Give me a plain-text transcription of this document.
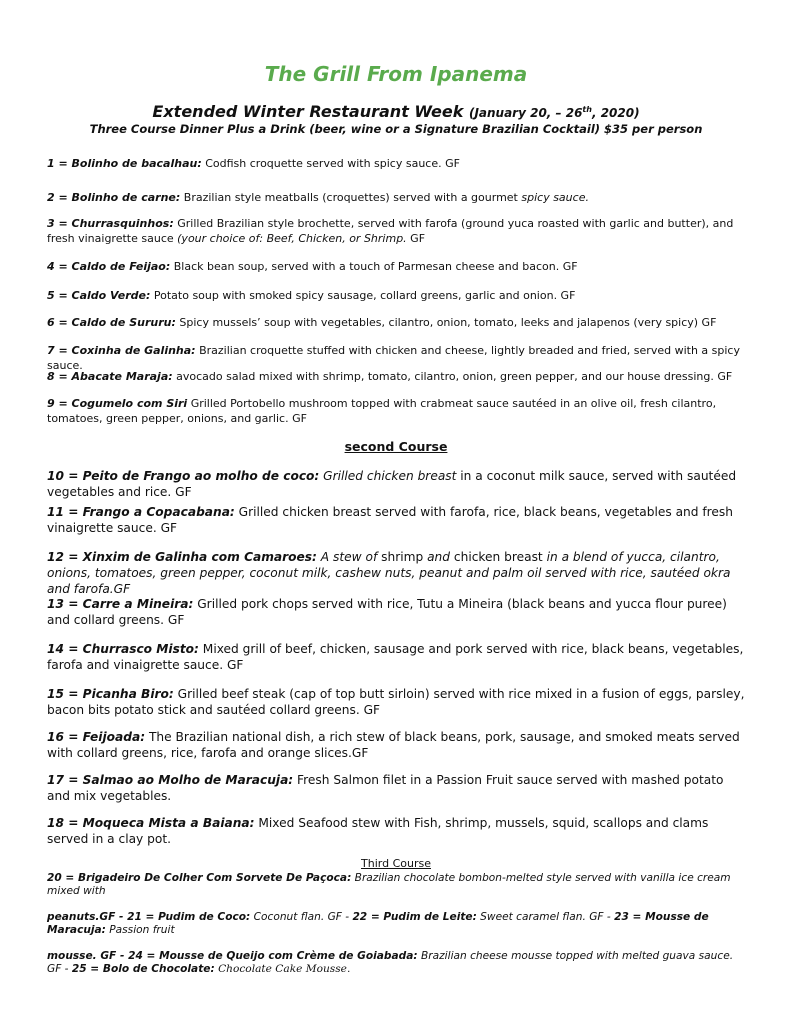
The Grill From Ipanema
Extended Winter Restaurant Week (January 20, – 26th, 2020)
Three Course Dinner Plus a Drink (beer, wine or a Signature Brazilian Cocktail) $35 per person
1 = Bolinho de bacalhau: Codfish croquette served with spicy sauce. GF
2 = Bolinho de carne: Brazilian style meatballs (croquettes) served with a gourmet spicy sauce.
3 = Churrasquinhos: Grilled Brazilian style brochette, served with farofa (ground yuca roasted with garlic and butter), and fresh vinaigrette sauce (your choice of: Beef, Chicken, or Shrimp. GF
4 = Caldo de Feijao: Black bean soup, served with a touch of Parmesan cheese and bacon. GF
5 = Caldo Verde: Potato soup with smoked spicy sausage, collard greens, garlic and onion. GF
6 = Caldo de Sururu: Spicy mussels’ soup with vegetables, cilantro, onion, tomato, leeks and jalapenos (very spicy) GF
7 = Coxinha de Galinha: Brazilian croquette stuffed with chicken and cheese, lightly breaded and fried, served with a spicy sauce.
8 = Abacate Maraja: avocado salad mixed with shrimp, tomato, cilantro, onion, green pepper, and our house dressing. GF
9 = Cogumelo com Siri Grilled Portobello mushroom topped with crabmeat sauce sautéed in an olive oil, fresh cilantro, tomatoes, green pepper, onions, and garlic. GF
second Course
10 = Peito de Frango ao molho de coco: Grilled chicken breast in a coconut milk sauce, served with sautéed vegetables and rice. GF
11 = Frango a Copacabana: Grilled chicken breast served with farofa, rice, black beans, vegetables and fresh vinaigrette sauce. GF
12 = Xinxim de Galinha com Camaroes: A stew of shrimp and chicken breast in a blend of yucca, cilantro, onions, tomatoes, green pepper, coconut milk, cashew nuts, peanut and palm oil served with rice, sautéed okra and farofa.GF
13 = Carre a Mineira: Grilled pork chops served with rice, Tutu a Mineira (black beans and yucca flour puree) and collard greens. GF
14 = Churrasco Misto: Mixed grill of beef, chicken, sausage and pork served with rice, black beans, vegetables, farofa and vinaigrette sauce. GF
15 = Picanha Biro: Grilled beef steak (cap of top butt sirloin) served with rice mixed in a fusion of eggs, parsley, bacon bits potato stick and sautéed collard greens. GF
16 = Feijoada: The Brazilian national dish, a rich stew of black beans, pork, sausage, and smoked meats served with collard greens, rice, farofa and orange slices.GF
17 = Salmao ao Molho de Maracuja: Fresh Salmon filet in a Passion Fruit sauce served with mashed potato and mix vegetables.
18 = Moqueca Mista a Baiana: Mixed Seafood stew with Fish, shrimp, mussels, squid, scallops and clams served in a clay pot.
Third Course
20 = Brigadeiro De Colher Com Sorvete De Paçoca: Brazilian chocolate bombon-melted style served with vanilla ice cream mixed with
peanuts.GF - 21 = Pudim de Coco: Coconut flan. GF - 22 = Pudim de Leite: Sweet caramel flan. GF - 23 = Mousse de Maracuja: Passion fruit
mousse. GF - 24 = Mousse de Queijo com Crème de Goiabada: Brazilian cheese mousse topped with melted guava sauce. GF - 25 = Bolo de Chocolate: Chocolate Cake Mousse.
